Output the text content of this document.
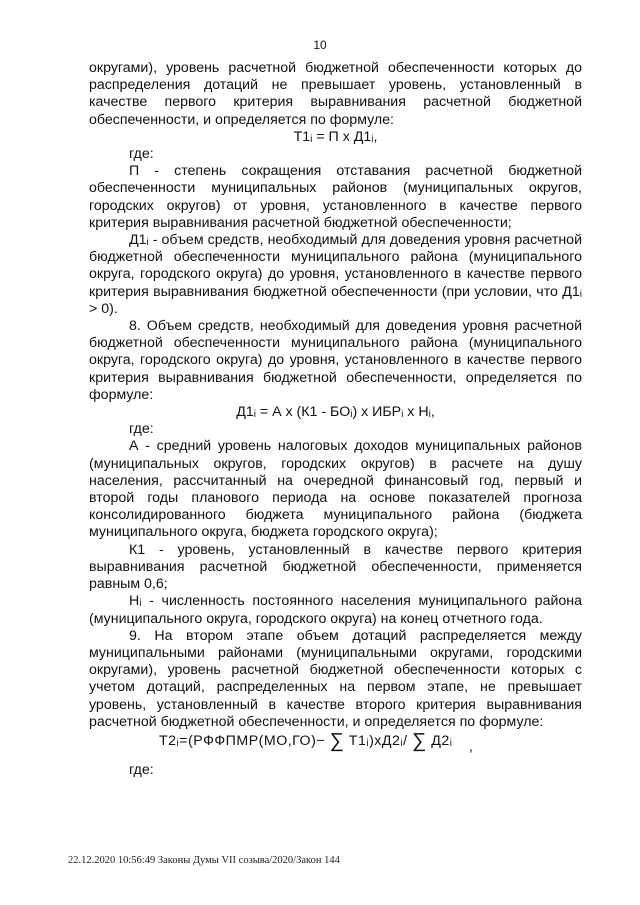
10

округами), уровень расчетной бюджетной обеспеченности которых до распределения дотаций не превышает уровень, установленный в качестве первого критерия выравнивания расчетной бюджетной обеспеченности, и определяется по формуле:

Т1ᵢ = П x Д1ᵢ,

где:

П - степень сокращения отставания расчетной бюджетной обеспеченности муниципальных районов (муниципальных округов, городских округов) от уровня, установленного в качестве первого критерия выравнивания расчетной бюджетной обеспеченности;

Д1ᵢ - объем средств, необходимый для доведения уровня расчетной бюджетной обеспеченности муниципального района (муниципального округа, городского округа) до уровня, установленного в качестве первого критерия выравнивания бюджетной обеспеченности (при условии, что Д1ᵢ > 0).

8. Объем средств, необходимый для доведения уровня расчетной бюджетной обеспеченности муниципального района (муниципального округа, городского округа) до уровня, установленного в качестве первого критерия выравнивания бюджетной обеспеченности, определяется по формуле:

Д1ᵢ = А x (К1 - БОᵢ) x ИБРᵢ x Нᵢ,

где:

А - средний уровень налоговых доходов муниципальных районов (муниципальных округов, городских округов) в расчете на душу населения, рассчитанный на очередной финансовый год, первый и второй годы планового периода на основе показателей прогноза консолидированного бюджета муниципального района (бюджета муниципального округа, бюджета городского округа);

К1 - уровень, установленный в качестве первого критерия выравнивания расчетной бюджетной обеспеченности, применяется равным 0,6;

Нᵢ - численность постоянного населения муниципального района (муниципального округа, городского округа) на конец отчетного года.

9. На втором этапе объем дотаций распределяется между муниципальными районами (муниципальными округами, городскими округами), уровень расчетной бюджетной обеспеченности которых с учетом дотаций, распределенных на первом этапе, не превышает уровень, установленный в качестве второго критерия выравнивания расчетной бюджетной обеспеченности, и определяется по формуле:

Т2ᵢ=(РФФПМР(МО,ГО)− ∑ Т1ᵢ)хД2ᵢ/ ∑ Д2ᵢ ,

где:

22.12.2020 10:56:49 Законы Думы VII созыва/2020/Закон 144
